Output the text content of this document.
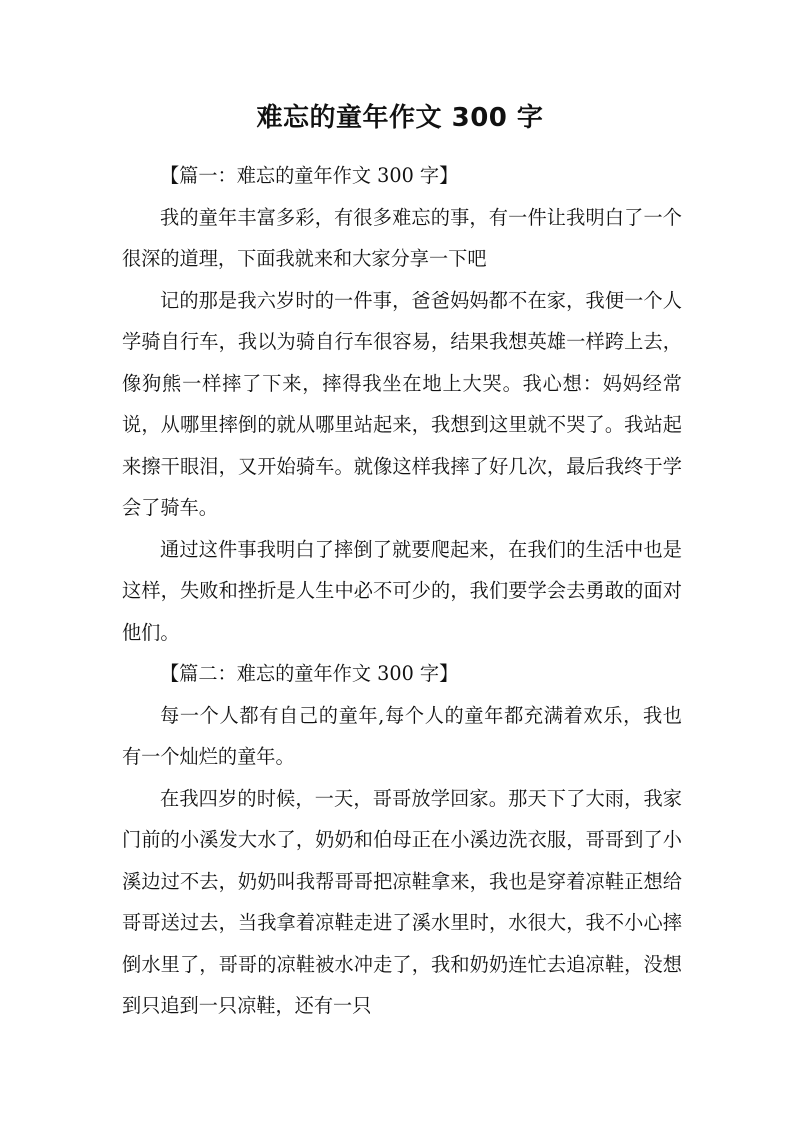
难忘的童年作文 300 字

【篇一：难忘的童年作文 300 字】

我的童年丰富多彩，有很多难忘的事，有一件让我明白了一个很深的道理，下面我就来和大家分享一下吧

记的那是我六岁时的一件事，爸爸妈妈都不在家，我便一个人学骑自行车，我以为骑自行车很容易，结果我想英雄一样跨上去，像狗熊一样摔了下来，摔得我坐在地上大哭。我心想：妈妈经常说，从哪里摔倒的就从哪里站起来，我想到这里就不哭了。我站起来擦干眼泪，又开始骑车。就像这样我摔了好几次，最后我终于学会了骑车。

通过这件事我明白了摔倒了就要爬起来，在我们的生活中也是这样，失败和挫折是人生中必不可少的，我们要学会去勇敢的面对他们。

【篇二：难忘的童年作文 300 字】

每一个人都有自己的童年,每个人的童年都充满着欢乐，我也有一个灿烂的童年。

在我四岁的时候，一天，哥哥放学回家。那天下了大雨，我家门前的小溪发大水了，奶奶和伯母正在小溪边洗衣服，哥哥到了小溪边过不去，奶奶叫我帮哥哥把凉鞋拿来，我也是穿着凉鞋正想给哥哥送过去，当我拿着凉鞋走进了溪水里时，水很大，我不小心摔倒水里了，哥哥的凉鞋被水冲走了，我和奶奶连忙去追凉鞋，没想到只追到一只凉鞋，还有一只
